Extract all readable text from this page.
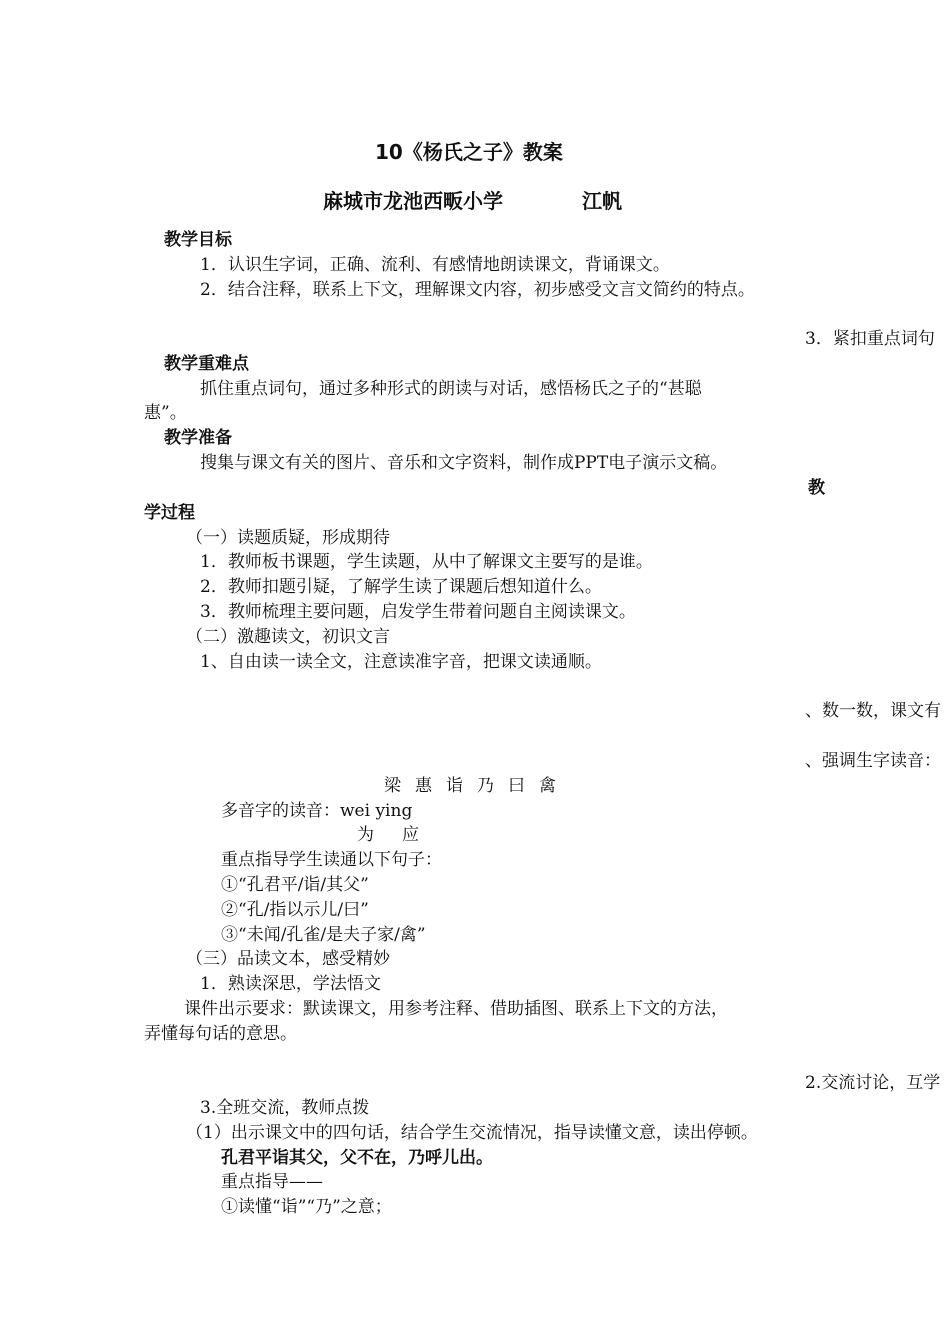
10《杨氏之子》教案
麻城市龙池西畈小学	江帆
教学目标
1．认识生字词，正确、流利、有感情地朗读课文，背诵课文。
2．结合注释，联系上下文，理解课文内容，初步感受文言文简约的特点。
3．紧扣重点词句
教学重难点
抓住重点词句，通过多种形式的朗读与对话，感悟杨氏之子的“甚聪
惠”。
教学准备
搜集与课文有关的图片、音乐和文字资料，制作成PPT电子演示文稿。
教
学过程
（一）读题质疑，形成期待
1．教师板书课题，学生读题，从中了解课文主要写的是谁。
2．教师扣题引疑，了解学生读了课题后想知道什么。
3．教师梳理主要问题，启发学生带着问题自主阅读课文。
（二）激趣读文，初识文言
1、自由读一读全文，注意读准字音，把课文读通顺。
、数一数，课文有
、强调生字读音：
梁惠诣乃曰禽
多音字的读音：wei ying
为应
重点指导学生读通以下句子：
①“孔君平/诣/其父”
②“孔/指以示儿/曰”
③“未闻/孔雀/是夫子家/禽”
（三）品读文本，感受精妙
1．熟读深思，学法悟文
课件出示要求：默读课文，用参考注释、借助插图、联系上下文的方法，
弄懂每句话的意思。
2.交流讨论，互学
3.全班交流，教师点拨
（1）出示课文中的四句话，结合学生交流情况，指导读懂文意，读出停顿。
孔君平诣其父，父不在，乃呼儿出。
重点指导——
①读懂“诣”“乃”之意；
